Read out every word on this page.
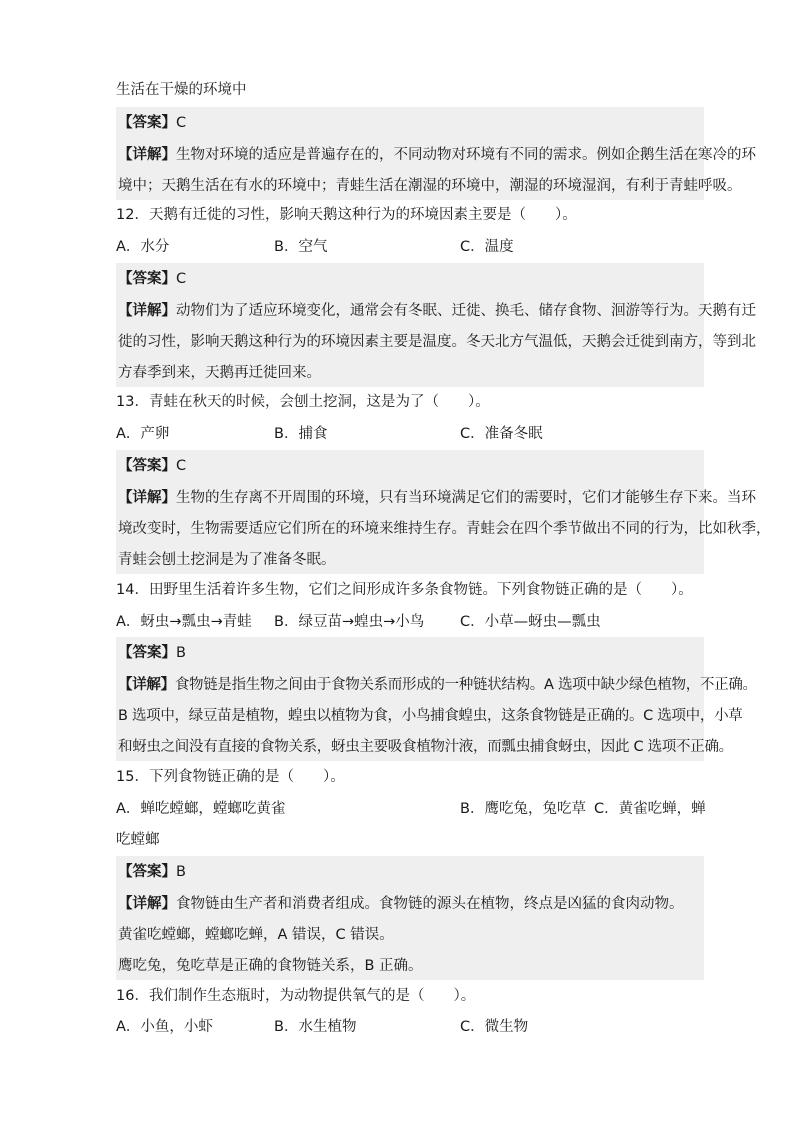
生活在干燥的环境中
【答案】C
【详解】生物对环境的适应是普遍存在的，不同动物对环境有不同的需求。例如企鹅生活在寒冷的环
境中；天鹅生活在有水的环境中；青蛙生活在潮湿的环境中，潮湿的环境湿润，有利于青蛙呼吸。
12．天鹅有迁徙的习性，影响天鹅这种行为的环境因素主要是（　　）。
A．水分	B．空气	C．温度
【答案】C
【详解】动物们为了适应环境变化，通常会有冬眠、迁徙、换毛、储存食物、洄游等行为。天鹅有迁
徙的习性，影响天鹅这种行为的环境因素主要是温度。冬天北方气温低，天鹅会迁徙到南方，等到北
方春季到来，天鹅再迁徙回来。
13．青蛙在秋天的时候，会刨土挖洞，这是为了（　　）。
A．产卵	B．捕食	C．准备冬眠
【答案】C
【详解】生物的生存离不开周围的环境，只有当环境满足它们的需要时，它们才能够生存下来。当环
境改变时，生物需要适应它们所在的环境来维持生存。青蛙会在四个季节做出不同的行为，比如秋季，
青蛙会刨土挖洞是为了准备冬眠。
14．田野里生活着许多生物，它们之间形成许多条食物链。下列食物链正确的是（　　）。
A．蚜虫→瓢虫→青蛙 B．绿豆苗→蝗虫→小鸟 C．小草—蚜虫—瓢虫
【答案】B
【详解】食物链是指生物之间由于食物关系而形成的一种链状结构。A 选项中缺少绿色植物，不正确。
B 选项中，绿豆苗是植物，蝗虫以植物为食，小鸟捕食蝗虫，这条食物链是正确的。C 选项中，小草
和蚜虫之间没有直接的食物关系，蚜虫主要吸食植物汁液，而瓢虫捕食蚜虫，因此 C 选项不正确。
15．下列食物链正确的是（　　）。
A．蝉吃螳螂，螳螂吃黄雀	B．鹰吃兔，兔吃草 C．黄雀吃蝉，蝉
吃螳螂
【答案】B
【详解】食物链由生产者和消费者组成。食物链的源头在植物，终点是凶猛的食肉动物。
黄雀吃螳螂，螳螂吃蝉，A 错误，C 错误。
鹰吃兔，兔吃草是正确的食物链关系，B 正确。
16．我们制作生态瓶时，为动物提供氧气的是（　　）。
A．小鱼，小虾	B．水生植物	C．微生物
